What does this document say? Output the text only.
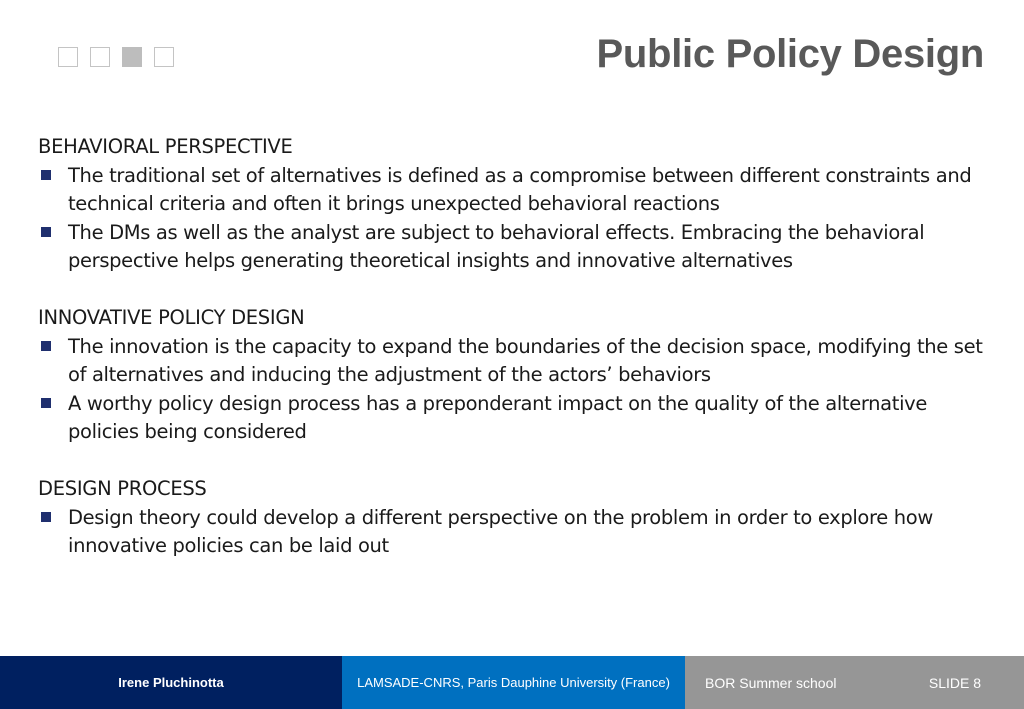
Public Policy Design
BEHAVIORAL PERSPECTIVE
The traditional set of alternatives is defined as a compromise between different constraints and technical criteria and often it brings unexpected behavioral reactions
The DMs as well as the analyst are subject to behavioral effects. Embracing the behavioral perspective helps generating theoretical insights and innovative alternatives
INNOVATIVE POLICY DESIGN
The innovation is the capacity to expand the boundaries of the decision space, modifying the set of alternatives and inducing the adjustment of the actors’ behaviors
A worthy policy design process has a preponderant impact on the quality of the alternative policies being considered
DESIGN PROCESS
Design theory could develop a different perspective on the problem in order to explore how innovative policies can be laid out
Irene Pluchinotta	LAMSADE-CNRS, Paris Dauphine University (France)	BOR Summer school	SLIDE 8
